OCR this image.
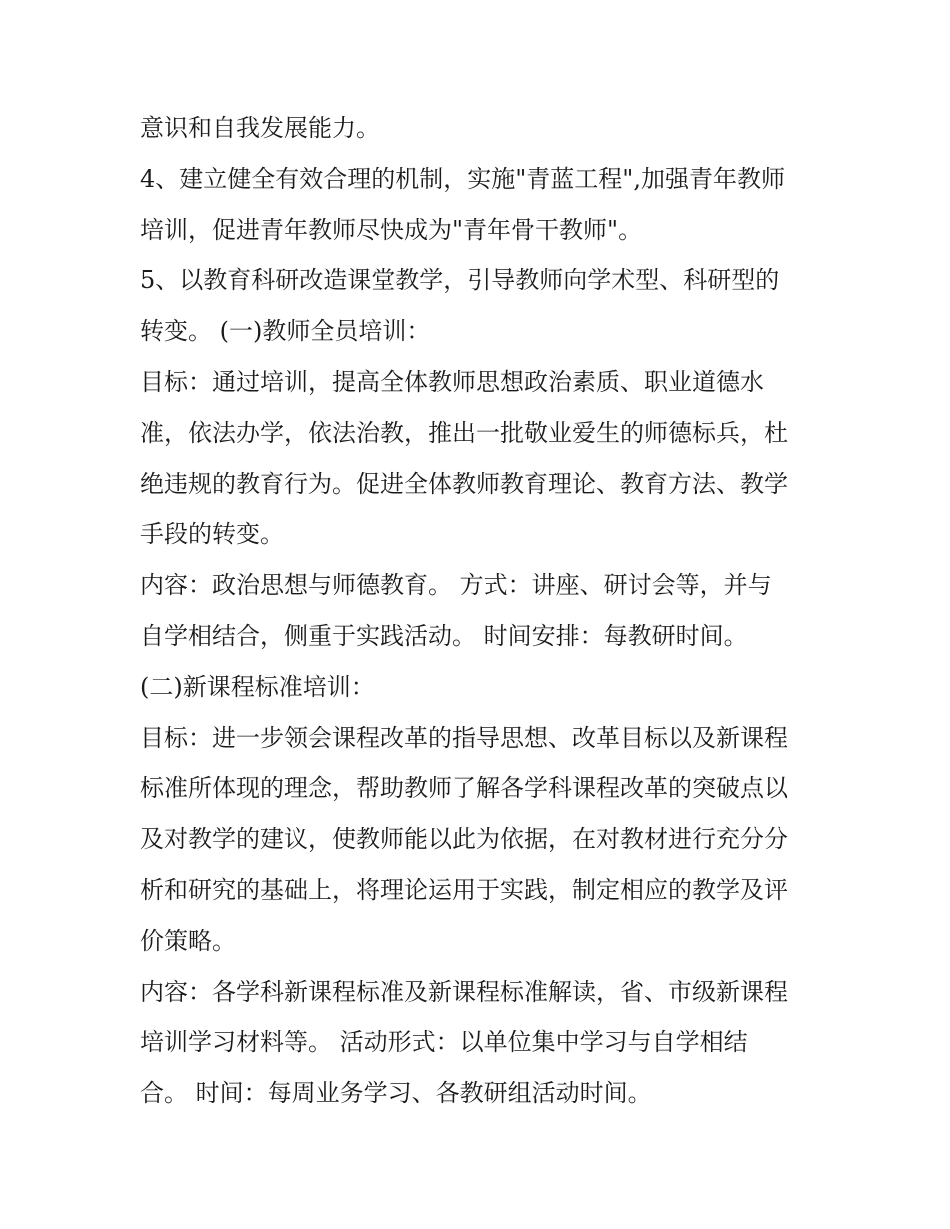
意识和自我发展能力。
4、建立健全有效合理的机制，实施"青蓝工程",加强青年教师
培训，促进青年教师尽快成为"青年骨干教师"。
5、以教育科研改造课堂教学，引导教师向学术型、科研型的
转变。 (一)教师全员培训：
目标：通过培训，提高全体教师思想政治素质、职业道德水
准，依法办学，依法治教，推出一批敬业爱生的师德标兵，杜
绝违规的教育行为。促进全体教师教育理论、教育方法、教学
手段的转变。
内容：政治思想与师德教育。 方式：讲座、研讨会等，并与
自学相结合，侧重于实践活动。 时间安排：每教研时间。
(二)新课程标准培训：
目标：进一步领会课程改革的指导思想、改革目标以及新课程
标准所体现的理念，帮助教师了解各学科课程改革的突破点以
及对教学的建议，使教师能以此为依据，在对教材进行充分分
析和研究的基础上，将理论运用于实践，制定相应的教学及评
价策略。
内容：各学科新课程标准及新课程标准解读，省、市级新课程
培训学习材料等。 活动形式：以单位集中学习与自学相结
合。 时间：每周业务学习、各教研组活动时间。
